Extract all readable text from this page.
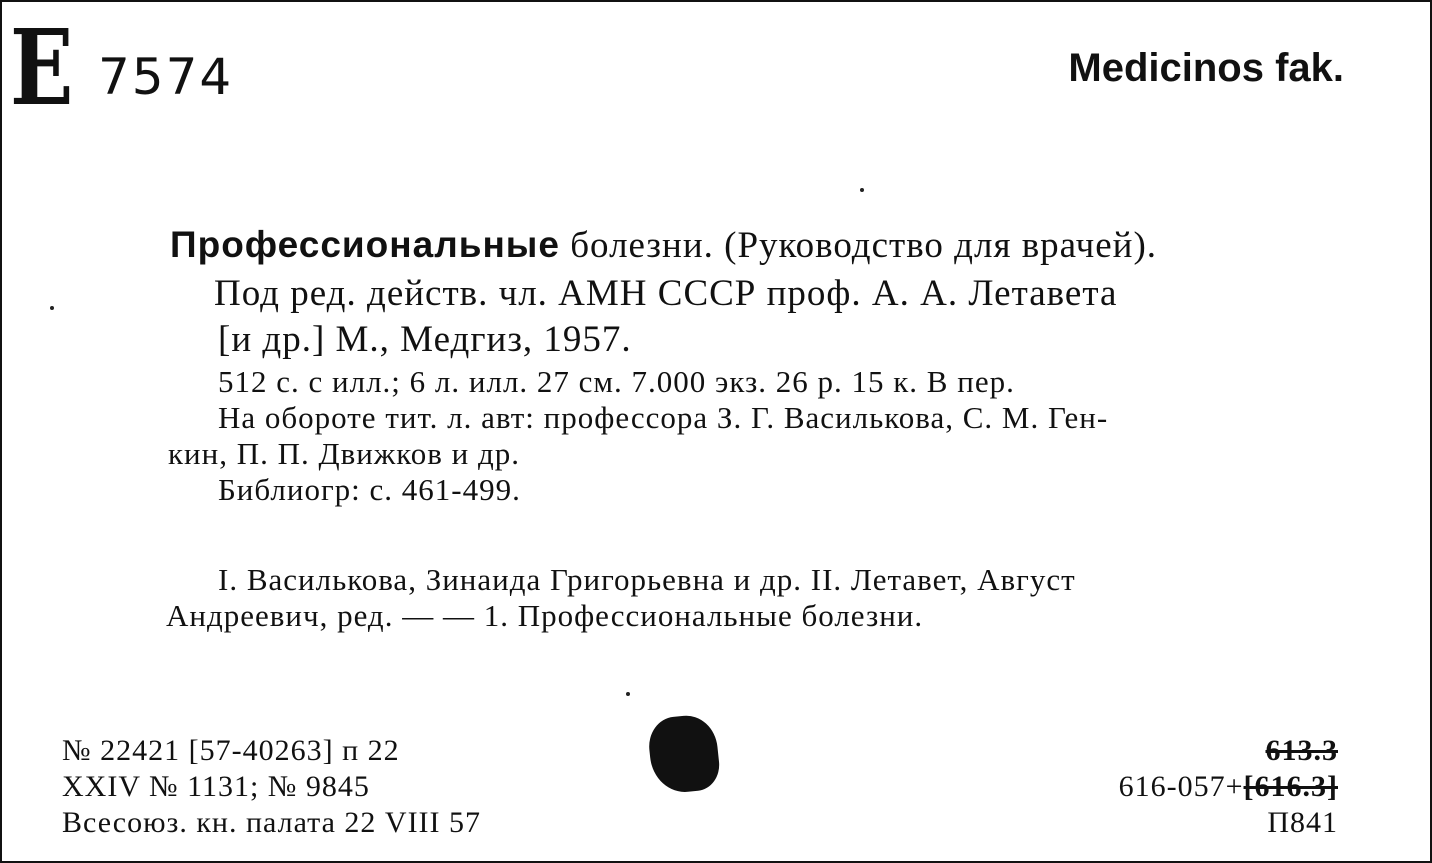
E 7574	Medicinos fak.
Профессиональные болезни. (Руководство для врачей).
Под ред. действ. чл. АМН СССР проф. А. А. Летавета
[и др.] М., Медгиз, 1957.
512 с. с илл.; 6 л. илл. 27 см. 7.000 экз. 26 р. 15 к. В пер.
На обороте тит. л. авт: профессора З. Г. Василькова, С. М. Ген-
кин, П. П. Движков и др.
Библиогр: с. 461-499.
I. Василькова, Зинаида Григорьевна и др. II. Летавет, Август
Андреевич, ред. — — 1. Профессиональные болезни.
№ 22421 [57-40263] п 22
XXIV № 1131; № 9845
Всесоюз. кн. палата 22 VIII 57
613.3
616-057+[616.3]
П841
